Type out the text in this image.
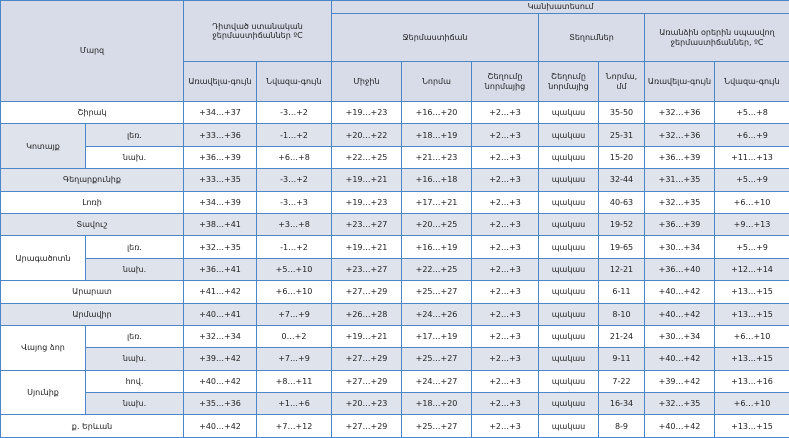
Մարզ		Դիտված ստանական ջերմաստիճաններ ºC		Կանխատեսում						
				Ջերմաստիճան			Տեղումներ		Առանձին օրերին սպասվող ջերմաստիճաններ, ºC	
		Առավելա-գույն	Նվազա-գույն	Միջին	Նորմա	Շեղումը նորմայից	Շեղումը նորմայից	Նորմա, մմ	Առավելա-գույն	Նվազա-գույն
Շիրակ		+34…+37	-3…+2	+19…+23	+16…+20	+2…+3	պակաս	35-50	+32…+36	+5…+8
Կոտայք	լեռ.	+33…+36	-1…+2	+20…+22	+18…+19	+2…+3	պակաս	25-31	+32…+36	+6…+9
	նախ.	+36…+39	+6…+8	+22…+25	+21…+23	+2…+3	պակաս	15-20	+36…+39	+11…+13
Գեղարքունիք		+33…+35	-3…+2	+19…+21	+16…+18	+2…+3	պակաս	32-44	+31…+35	+5…+9
Լոռի		+34…+39	-3…+3	+19…+23	+17…+21	+2…+3	պակաս	40-63	+32…+35	+6…+10
Տավուշ		+38…+41	+3…+8	+23…+27	+20…+25	+2…+3	պակաս	19-52	+36…+39	+9…+13
Արագածոտն	լեռ.	+32…+35	-1…+2	+19…+21	+16…+19	+2…+3	պակաս	19-65	+30…+34	+5…+9
	նախ.	+36…+41	+5…+10	+23…+27	+22…+25	+2…+3	պակաս	12-21	+36…+40	+12…+14
Արարատ		+41…+42	+6…+10	+27…+29	+25…+27	+2…+3	պակաս	6-11	+40…+42	+13…+15
Արմավիր		+40…+41	+7…+9	+26…+28	+24…+26	+2…+3	պակաս	8-10	+40…+42	+13…+15
Վայոց ձոր	լեռ.	+32…+34	0…+2	+19…+21	+17…+19	+2…+3	պակաս	21-24	+30…+34	+6…+10
	նախ.	+39…+42	+7…+9	+27…+29	+25…+27	+2…+3	պակաս	9-11	+40…+42	+13…+15
Սյունիք	հով.	+40…+42	+8…+11	+27…+29	+24…+27	+2…+3	պակաս	7-22	+39…+42	+13…+16
	նախ.	+35…+36	+1…+6	+20…+23	+18…+20	+2…+3	պակաս	16-34	+32…+35	+6…+10
ք. Երևան		+40…+42	+7…+12	+27…+29	+25…+27	+2…+3	պակաս	8-9	+40…+42	+13…+15
